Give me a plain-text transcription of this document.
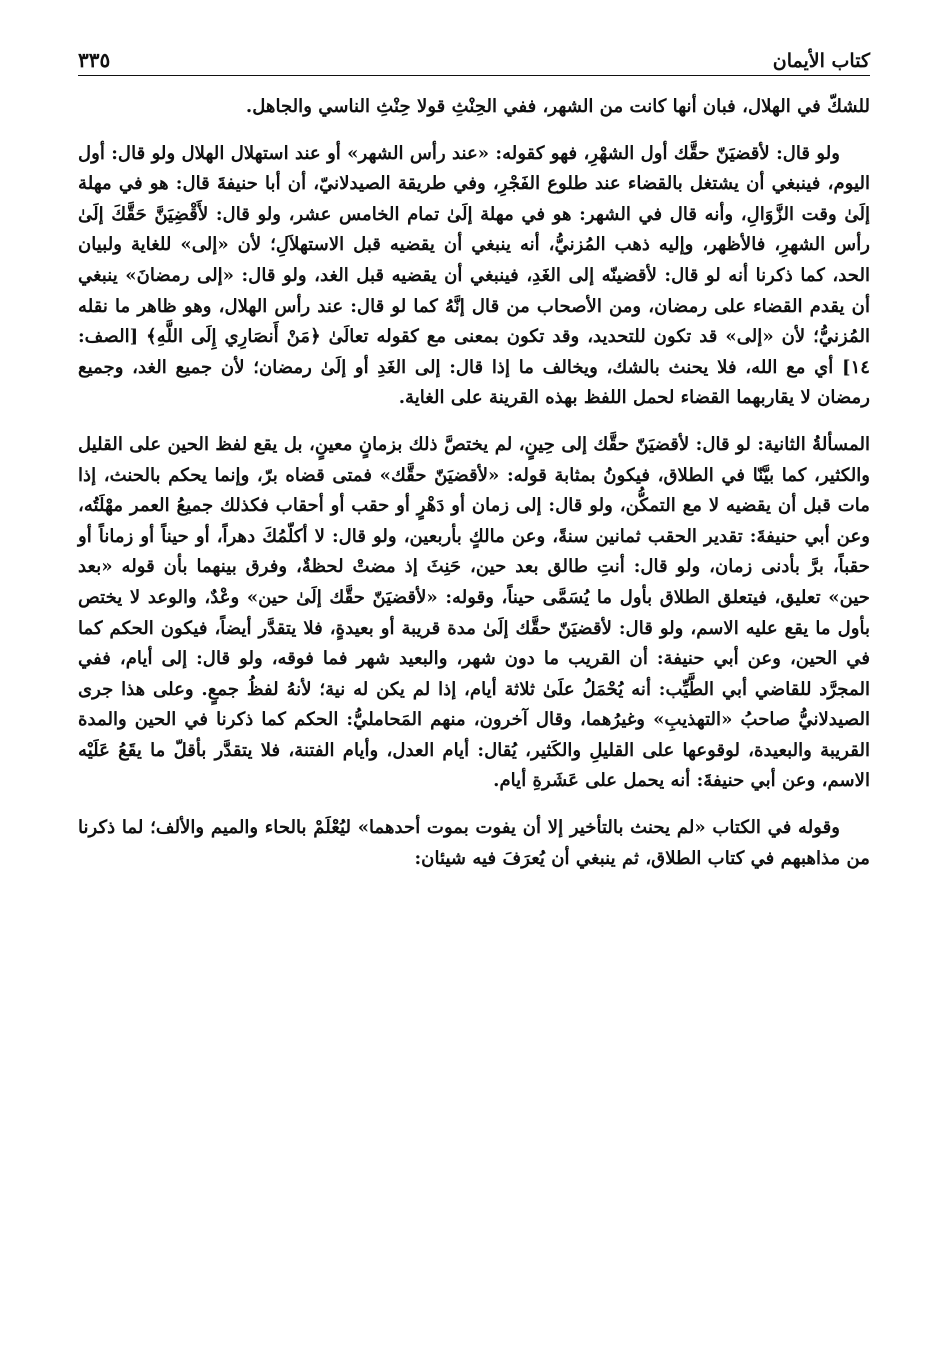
كتاب الأيمان
٣٣٥

للشكّ في الهلال، فبان أنها كانت من الشهر، ففي الحِنْثِ قولا حِنْثِ الناسي والجاهل.

ولو قال: لأقضيَنّ حقَّك أول الشهْرِ، فهو كقوله: «عند رأس الشهر» أو عند استهلال الهلال ولو قال: أول اليوم، فينبغي أن يشتغل بالقضاء عند طلوع الفَجْرِ، وفي طريقة الصيدلانيّ، أن أبا حنيفةَ قال: هو في مهلة إلَىٰ وقت الزَّوَالِ، وأنه قال في الشهر: هو في مهلة إلَىٰ تمام الخامس عشر، ولو قال: لأَقْضِيَنَّ حَقَّكَ إلَىٰ رأس الشهرِ، فالأظهر، وإليه ذهب المُزنيُّ، أنه ينبغي أن يقضيه قبل الاستهلاَلِ؛ لأن «إلى» للغاية ولبيان الحد، كما ذكرنا أنه لو قال: لأقضينّه إلى الغَدِ، فينبغي أن يقضيه قبل الغد، ولو قال: «إلى رمضانَ» ينبغي أن يقدم القضاء على رمضان، ومن الأصحاب من قال إنَّهُ كما لو قال: عند رأس الهلال، وهو ظاهر ما نقله المُزنيُّ؛ لأن «إلى» قد تكون للتحديد، وقد تكون بمعنى مع كقوله تعالَىٰ ﴿مَنْ أَنصَارِي إِلَى اللَّهِ﴾ [الصف: ١٤] أي مع الله، فلا يحنث بالشك، ويخالف ما إذا قال: إلى الغَدِ أو إلَىٰ رمضان؛ لأن جميع الغد، وجميع رمضان لا يقاربهما القضاء لحمل اللفظ بهذه القرينة على الغاية.

المسألةُ الثانية: لو قال: لأقضيَنّ حقَّك إلى حِينٍ، لم يختصَّ ذلك بزمانٍ معينٍ، بل يقع لفظ الحين على القليل والكثير، كما بيَّنّا في الطلاق، فيكونُ بمثابة قوله: «لأقضيَنّ حقَّك» فمتى قضاه برّ، وإنما يحكم بالحنث، إذا مات قبل أن يقضيه لا مع التمكُّن، ولو قال: إلى زمان أو دَهْرٍ أو حقب أو أحقاب فكذلك جميعُ العمر مهْلَتُه، وعن أبي حنيفةَ: تقدير الحقب ثمانين سنةً، وعن مالكٍ بأربعين، ولو قال: لا أكلّمُكَ دهراً، أو حيناً أو زماناً أو حقباً، برَّ بأدنى زمان، ولو قال: أنتِ طالق بعد حين، حَنِثَ إذ مضتْ لحظةٌ، وفرق بينهما بأن قوله «بعد حين» تعليق، فيتعلق الطلاق بأول ما يُسَمَّى حيناً، وقوله: «لأقضيَنّ حقَّك إلَىٰ حين» وعْدٌ، والوعد لا يختص بأول ما يقع عليه الاسم، ولو قال: لأقضيَنّ حقَّك إلَىٰ مدة قريبة أو بعيدةٍ، فلا يتقدَّر أيضاً، فيكون الحكم كما في الحين، وعن أبي حنيفة: أن القريب ما دون شهر، والبعيد شهر فما فوقه، ولو قال: إلى أيام، ففي المجرَّد للقاضي أبي الطَّيِّب: أنه يُحْمَلُ علَىٰ ثلاثة أيام، إذا لم يكن له نية؛ لأنهُ لفظُ جمعٍ. وعلى هذا جرى الصيدلانيُّ صاحبُ «التهذيبِ» وغيرُهما، وقال آخرون، منهم المَحامليُّ: الحكم كما ذكرنا في الحين والمدة القريبة والبعيدة، لوقوعها على القليلِ والكَثير، يُقال: أيام العدل، وأيام الفتنة، فلا يتقدَّر بأقلّ ما يقَعُ عَلَيْه الاسم، وعن أبي حنيفةَ: أنه يحمل على عَشَرةِ أيام.

وقوله في الكتاب «لم يحنث بالتأخير إلا أن يفوت بموت أحدهما» ليُعْلَمْ بالحاء والميم والألف؛ لما ذكرنا من مذاهبهم في كتاب الطلاق، ثم ينبغي أن يُعرَفَ فيه شيئان:
